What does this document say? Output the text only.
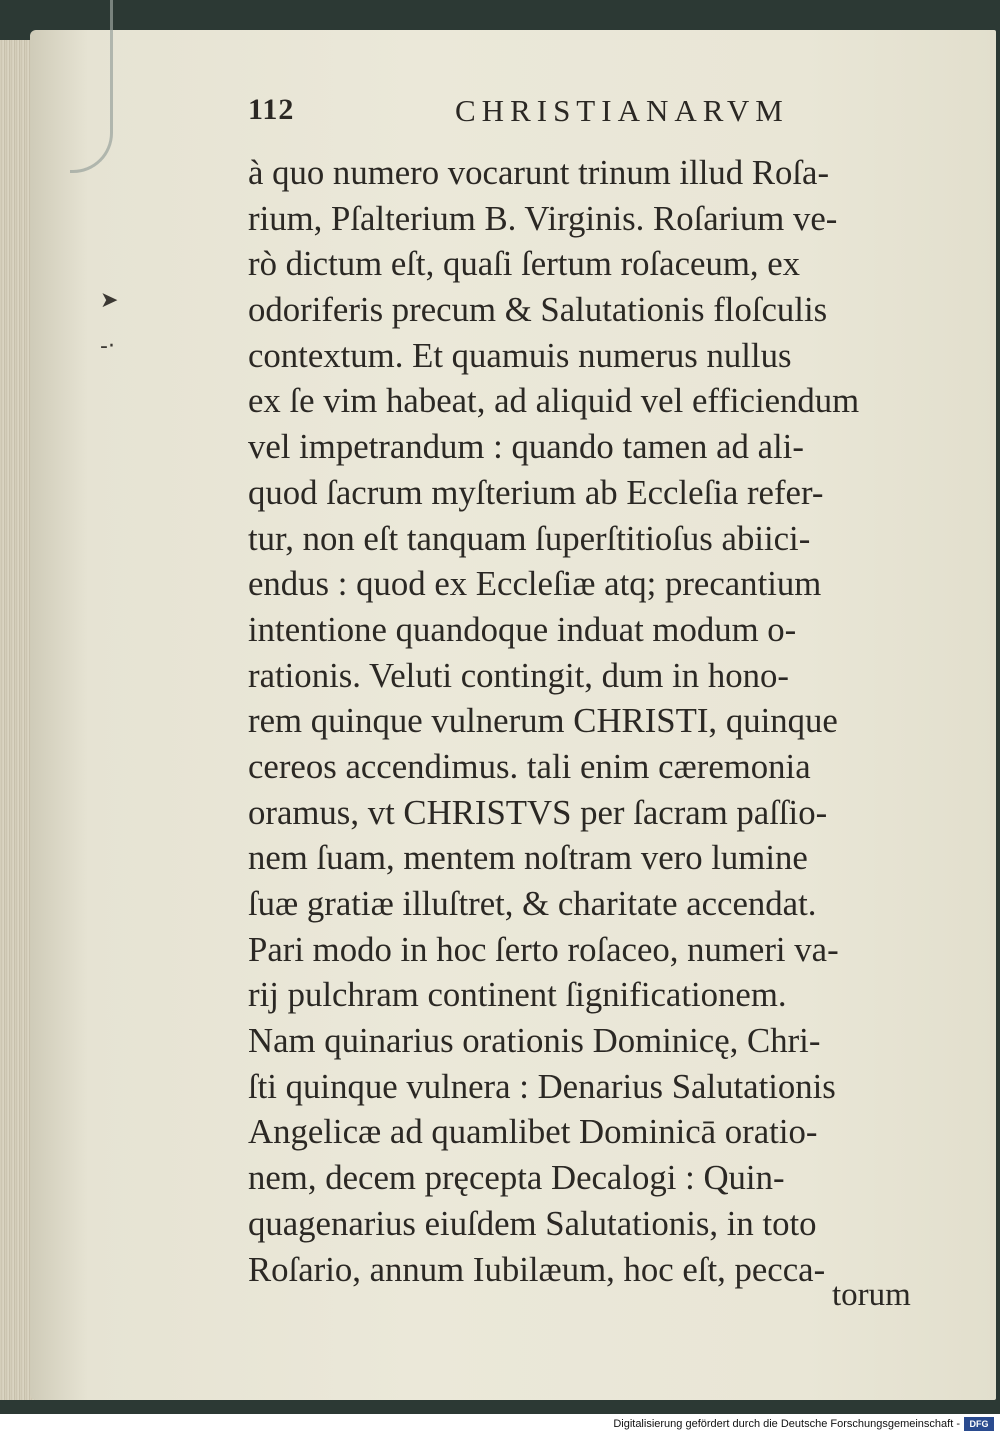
➤
-·
112	CHRISTIANARVM
à quo numero vocarunt trinum illud Roſa-
rium, Pſalterium B. Virginis. Roſarium ve-
rò dictum eſt, quaſi ſertum roſaceum, ex
odoriferis precum & Salutationis floſculis
contextum. Et quamuis numerus nullus
ex ſe vim habeat, ad aliquid vel efficiendum
vel impetrandum : quando tamen ad ali-
quod ſacrum myſterium ab Eccleſia refer-
tur, non eſt tanquam ſuperſtitioſus abiici-
endus : quod ex Eccleſiæ atq; precantium
intentione quandoque induat modum o-
rationis. Veluti contingit, dum in hono-
rem quinque vulnerum CHRISTI, quinque
cereos accendimus. tali enim cæremonia
oramus, vt CHRISTVS per ſacram paſſio-
nem ſuam, mentem noſtram vero lumine
ſuæ gratiæ illuſtret, & charitate accendat.
Pari modo in hoc ſerto roſaceo, numeri va-
rij pulchram continent ſignificationem.
Nam quinarius orationis Dominicę, Chri-
ſti quinque vulnera : Denarius Salutationis
Angelicæ ad quamlibet Dominicā oratio-
nem, decem pręcepta Decalogi : Quin-
quagenarius eiuſdem Salutationis, in toto
Roſario, annum Iubilæum, hoc eſt, pecca-
torum
Digitalisierung gefördert durch die Deutsche Forschungsgemeinschaft -	DFG
